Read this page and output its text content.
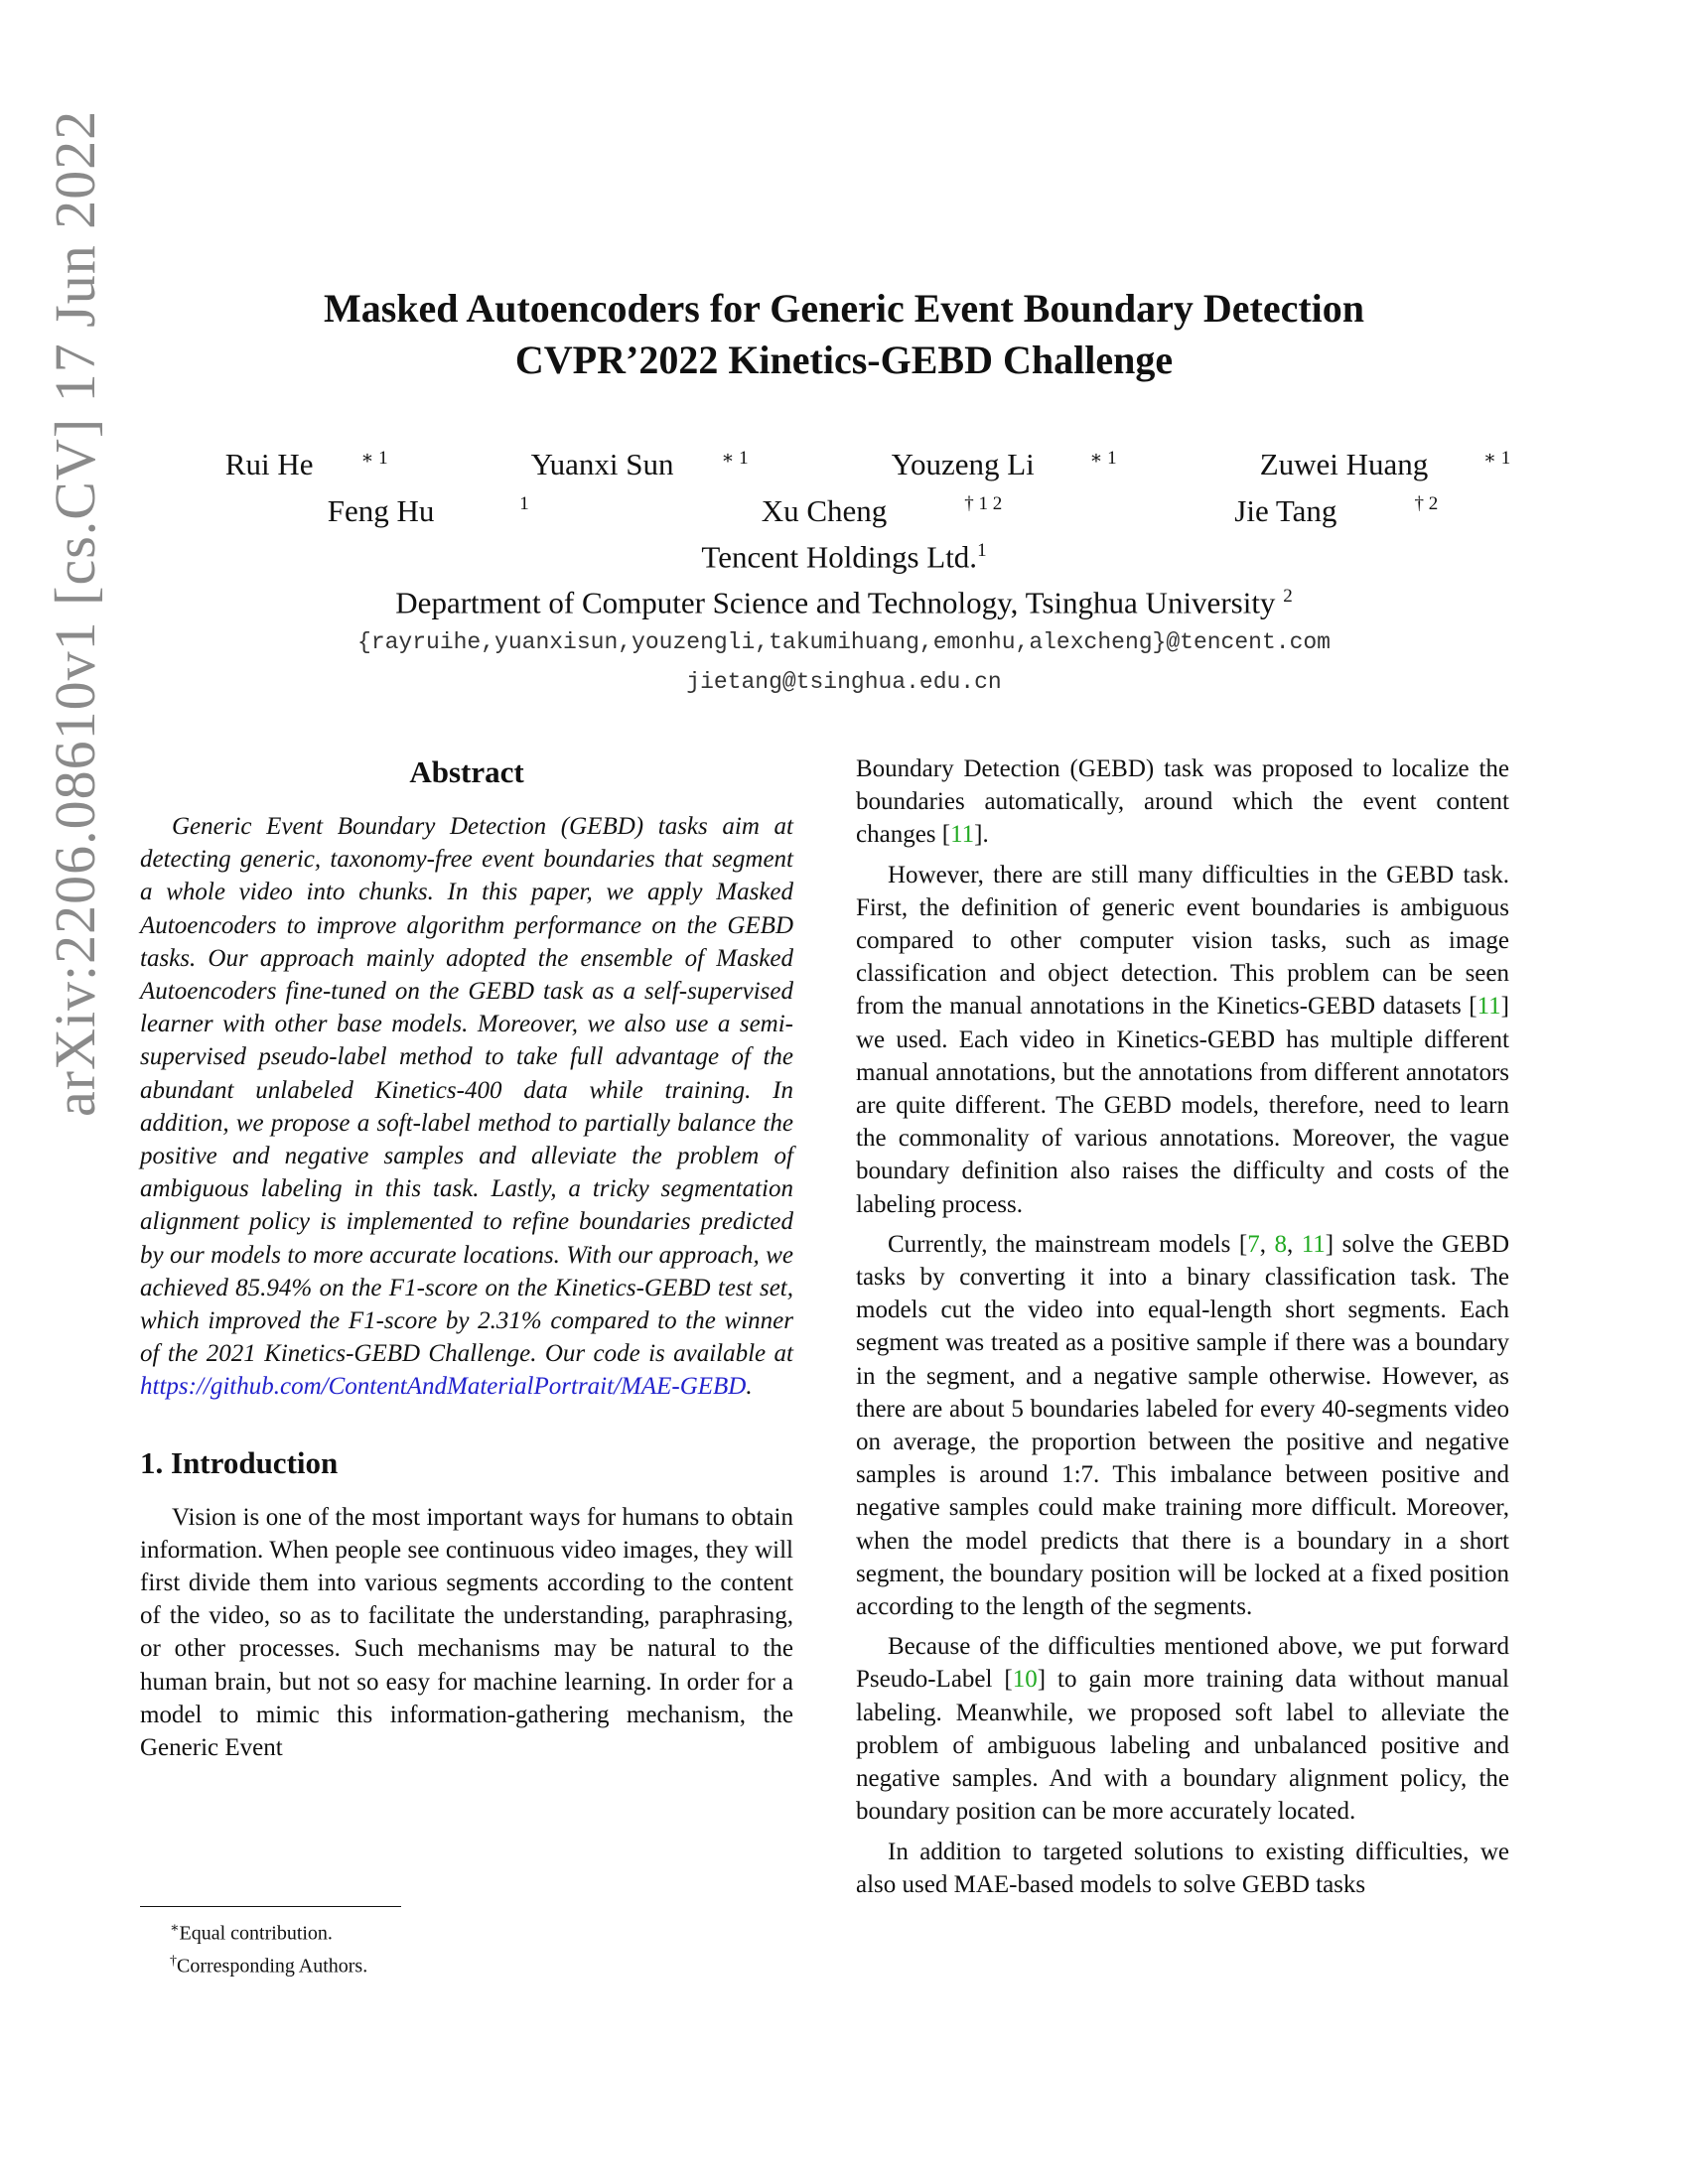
arXiv:2206.08610v1 [cs.CV] 17 Jun 2022	Masked Autoencoders for Generic Event Boundary Detection
CVPR’2022 Kinetics-GEBD Challenge
Rui He	$^{∗ 1}$	Yuanxi Sun	$^{∗ 1}$	Youzeng Li	$^{∗ 1}$	Zuwei Huang	$^{∗ 1}$
Feng Hu	$^1$	Xu Cheng	$^{\dagger 1 2}$	Jie Tang	$^{\dagger 2}$
Tencent Holdings Ltd.$^1$
Department of Computer Science and Technology, Tsinghua University $^2$
{rayruihe,yuanxisun,youzengli,takumihuang,emonhu,alexcheng}@tencent.com
jietang@tsinghua.edu.cn
Abstract

Generic Event Boundary Detection (GEBD) tasks aim at detecting generic, taxonomy-free event boundaries that segment a whole video into chunks. In this paper, we apply Masked Autoencoders to improve algorithm performance on the GEBD tasks. Our approach mainly adopted the ensemble of Masked Autoencoders fine-tuned on the GEBD task as a self-supervised learner with other base models. Moreover, we also use a semi-supervised pseudo-label method to take full advantage of the abundant unlabeled Kinetics-400 data while training. In addition, we propose a soft-label method to partially balance the positive and negative samples and alleviate the problem of ambiguous labeling in this task. Lastly, a tricky segmentation alignment policy is implemented to refine boundaries predicted by our models to more accurate locations. With our approach, we achieved 85.94% on the F1-score on the Kinetics-GEBD test set, which improved the F1-score by 2.31% compared to the winner of the 2021 Kinetics-GEBD Challenge. Our code is available at https://github.com/ContentAndMaterialPortrait/MAE-GEBD.

1. Introduction

Vision is one of the most important ways for humans to obtain information. When people see continuous video images, they will first divide them into various segments according to the content of the video, so as to facilitate the understanding, paraphrasing, or other processes. Such mechanisms may be natural to the human brain, but not so easy for machine learning. In order for a model to mimic this information-gathering mechanism, the Generic Event

Boundary Detection (GEBD) task was proposed to localize the boundaries automatically, around which the event content changes [11].

However, there are still many difficulties in the GEBD task. First, the definition of generic event boundaries is ambiguous compared to other computer vision tasks, such as image classification and object detection. This problem can be seen from the manual annotations in the Kinetics-GEBD datasets [11] we used. Each video in Kinetics-GEBD has multiple different manual annotations, but the annotations from different annotators are quite different. The GEBD models, therefore, need to learn the commonality of various annotations. Moreover, the vague boundary definition also raises the difficulty and costs of the labeling process.

Currently, the mainstream models [7, 8, 11] solve the GEBD tasks by converting it into a binary classification task. The models cut the video into equal-length short segments. Each segment was treated as a positive sample if there was a boundary in the segment, and a negative sample otherwise. However, as there are about 5 boundaries labeled for every 40-segments video on average, the proportion between the positive and negative samples is around 1:7. This imbalance between positive and negative samples could make training more difficult. Moreover, when the model predicts that there is a boundary in a short segment, the boundary position will be locked at a fixed position according to the length of the segments.

Because of the difficulties mentioned above, we put forward Pseudo-Label [10] to gain more training data without manual labeling. Meanwhile, we proposed soft label to alleviate the problem of ambiguous labeling and unbalanced positive and negative samples. And with a boundary alignment policy, the boundary position can be more accurately located.

In addition to targeted solutions to existing difficulties, we also used MAE-based models to solve GEBD tasks

∗Equal contribution.
†Corresponding Authors.
